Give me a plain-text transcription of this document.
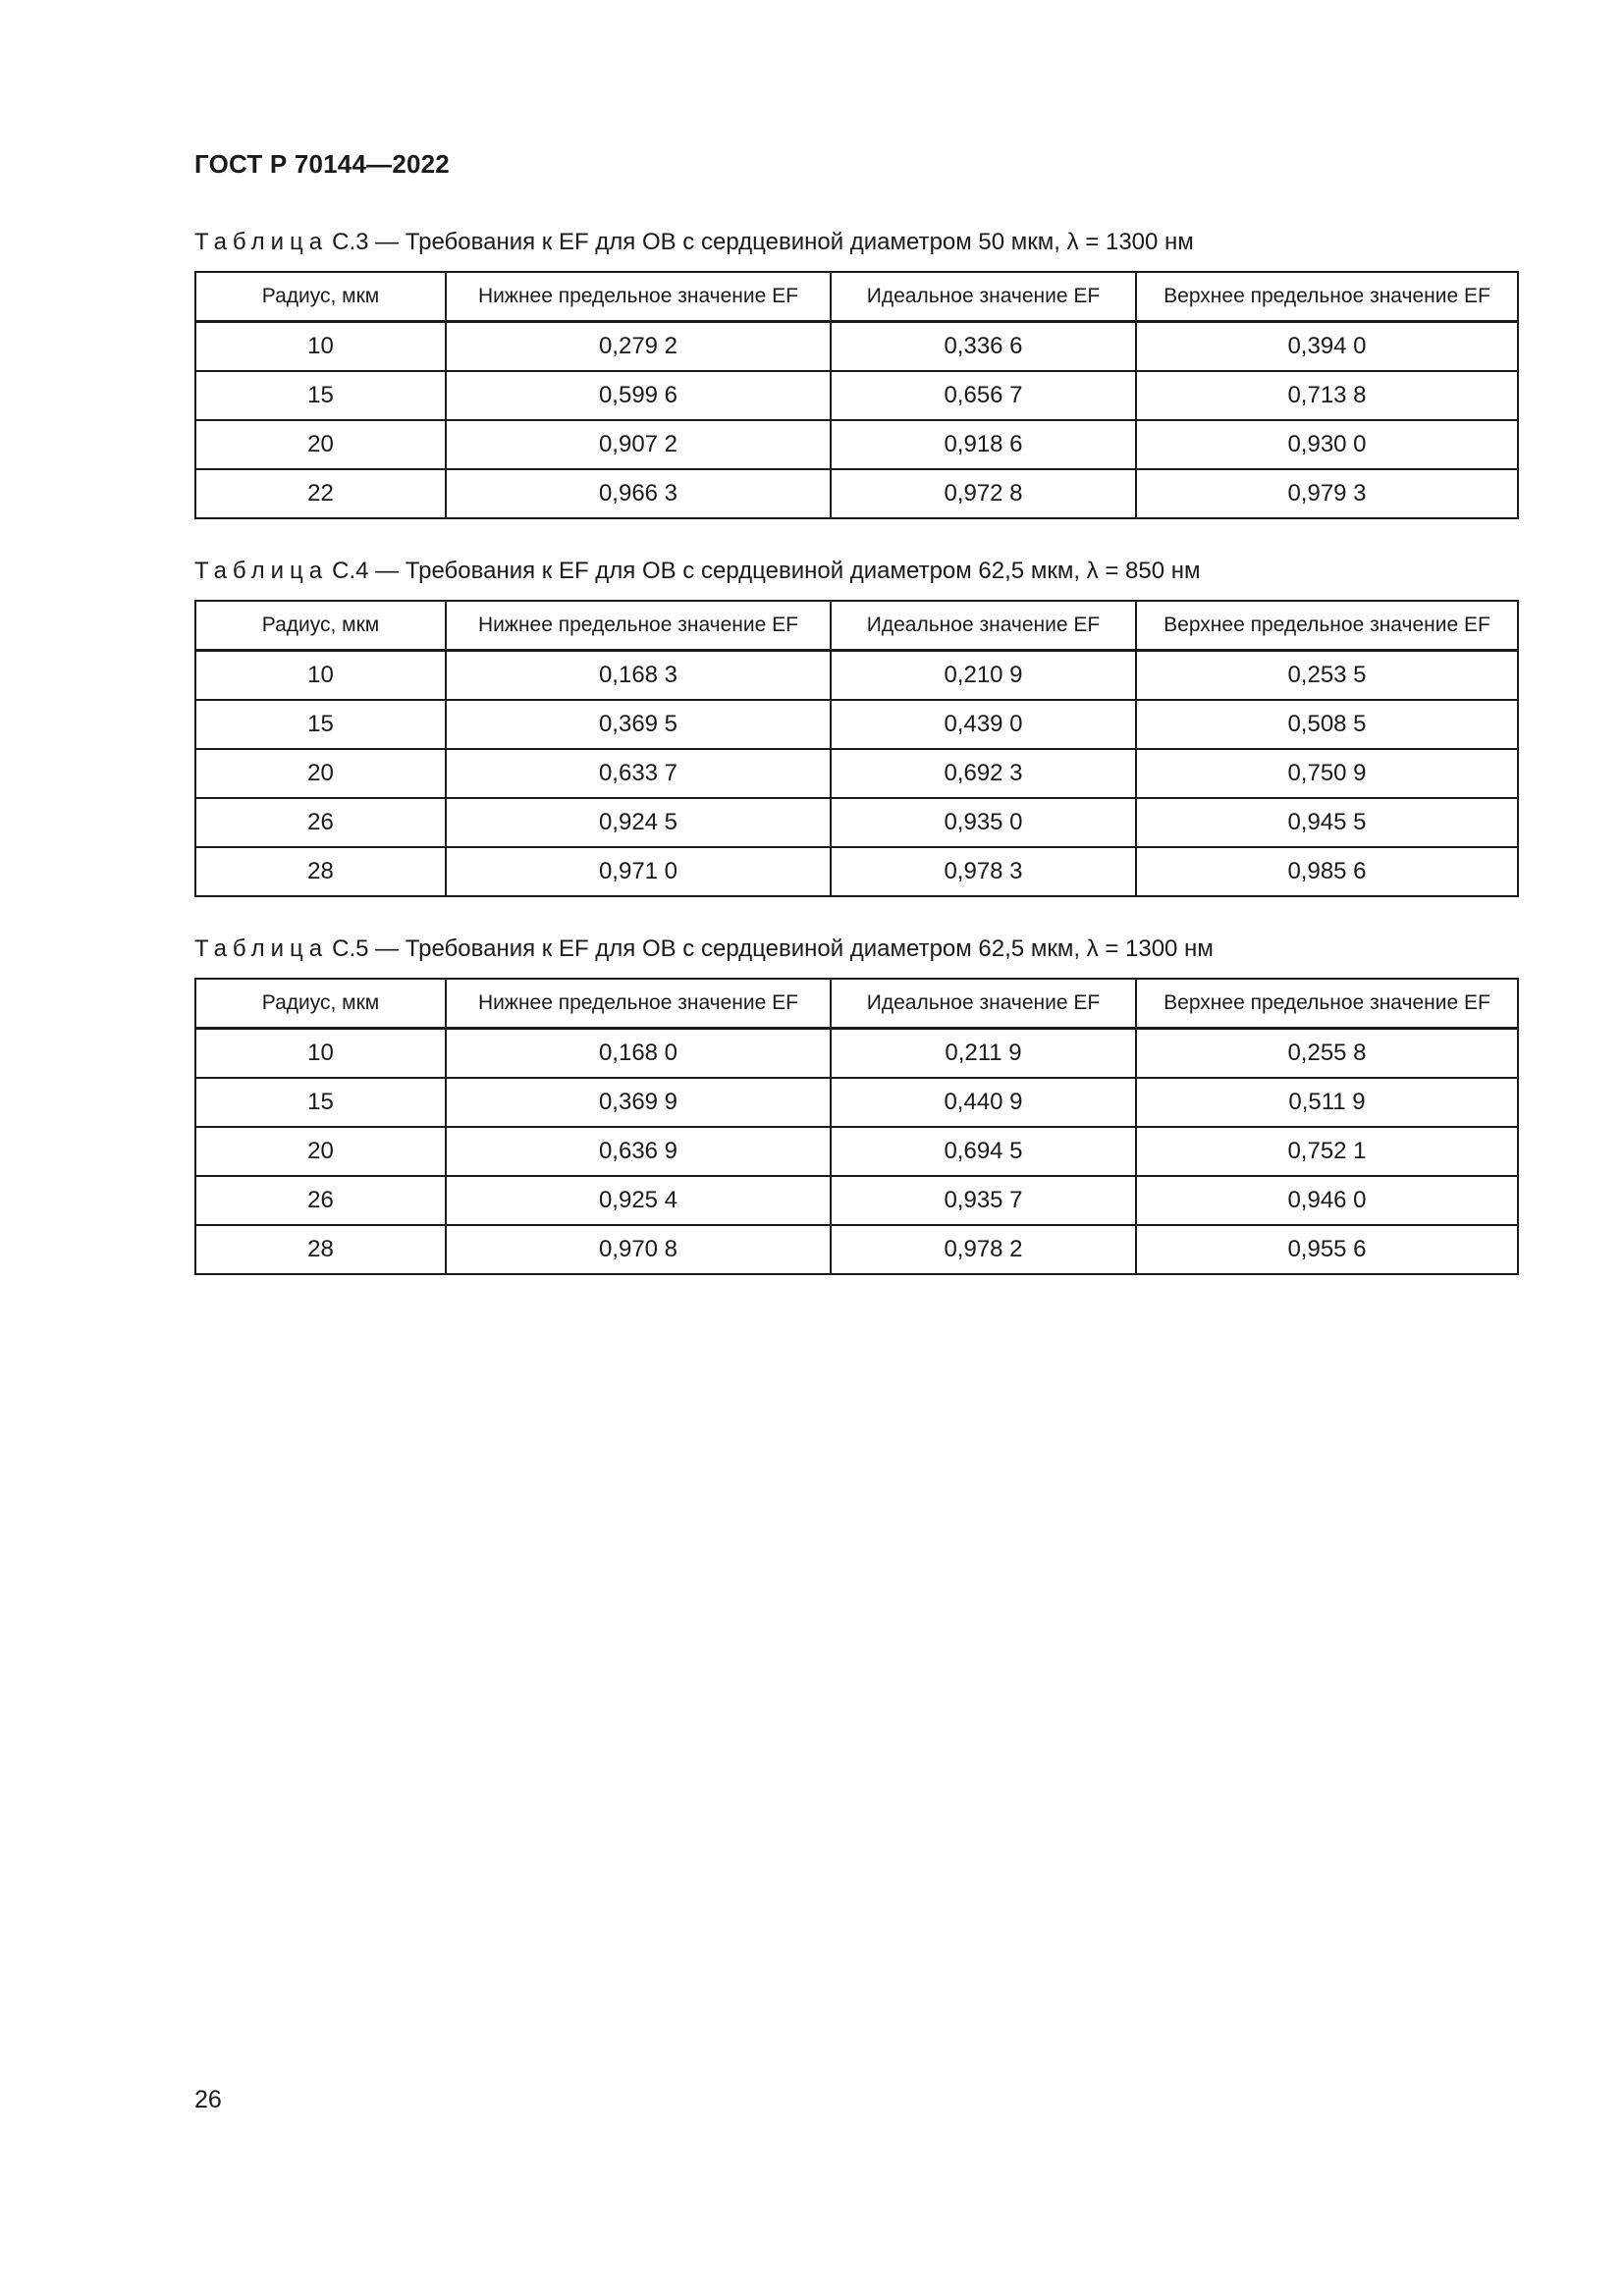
ГОСТ Р 70144—2022
Таблица С.3 — Требования к EF для ОВ с сердцевиной диаметром 50 мкм, λ = 1300 нм
Радиус, мкм	Нижнее предельное значение EF	Идеальное значение EF	Верхнее предельное значение EF
10	0,279 2	0,336 6	0,394 0
15	0,599 6	0,656 7	0,713 8
20	0,907 2	0,918 6	0,930 0
22	0,966 3	0,972 8	0,979 3
Таблица С.4 — Требования к EF для ОВ с сердцевиной диаметром 62,5 мкм, λ = 850 нм
Радиус, мкм	Нижнее предельное значение EF	Идеальное значение EF	Верхнее предельное значение EF
10	0,168 3	0,210 9	0,253 5
15	0,369 5	0,439 0	0,508 5
20	0,633 7	0,692 3	0,750 9
26	0,924 5	0,935 0	0,945 5
28	0,971 0	0,978 3	0,985 6
Таблица С.5 — Требования к EF для ОВ с сердцевиной диаметром 62,5 мкм, λ = 1300 нм
Радиус, мкм	Нижнее предельное значение EF	Идеальное значение EF	Верхнее предельное значение EF
10	0,168 0	0,211 9	0,255 8
15	0,369 9	0,440 9	0,511 9
20	0,636 9	0,694 5	0,752 1
26	0,925 4	0,935 7	0,946 0
28	0,970 8	0,978 2	0,955 6
26
